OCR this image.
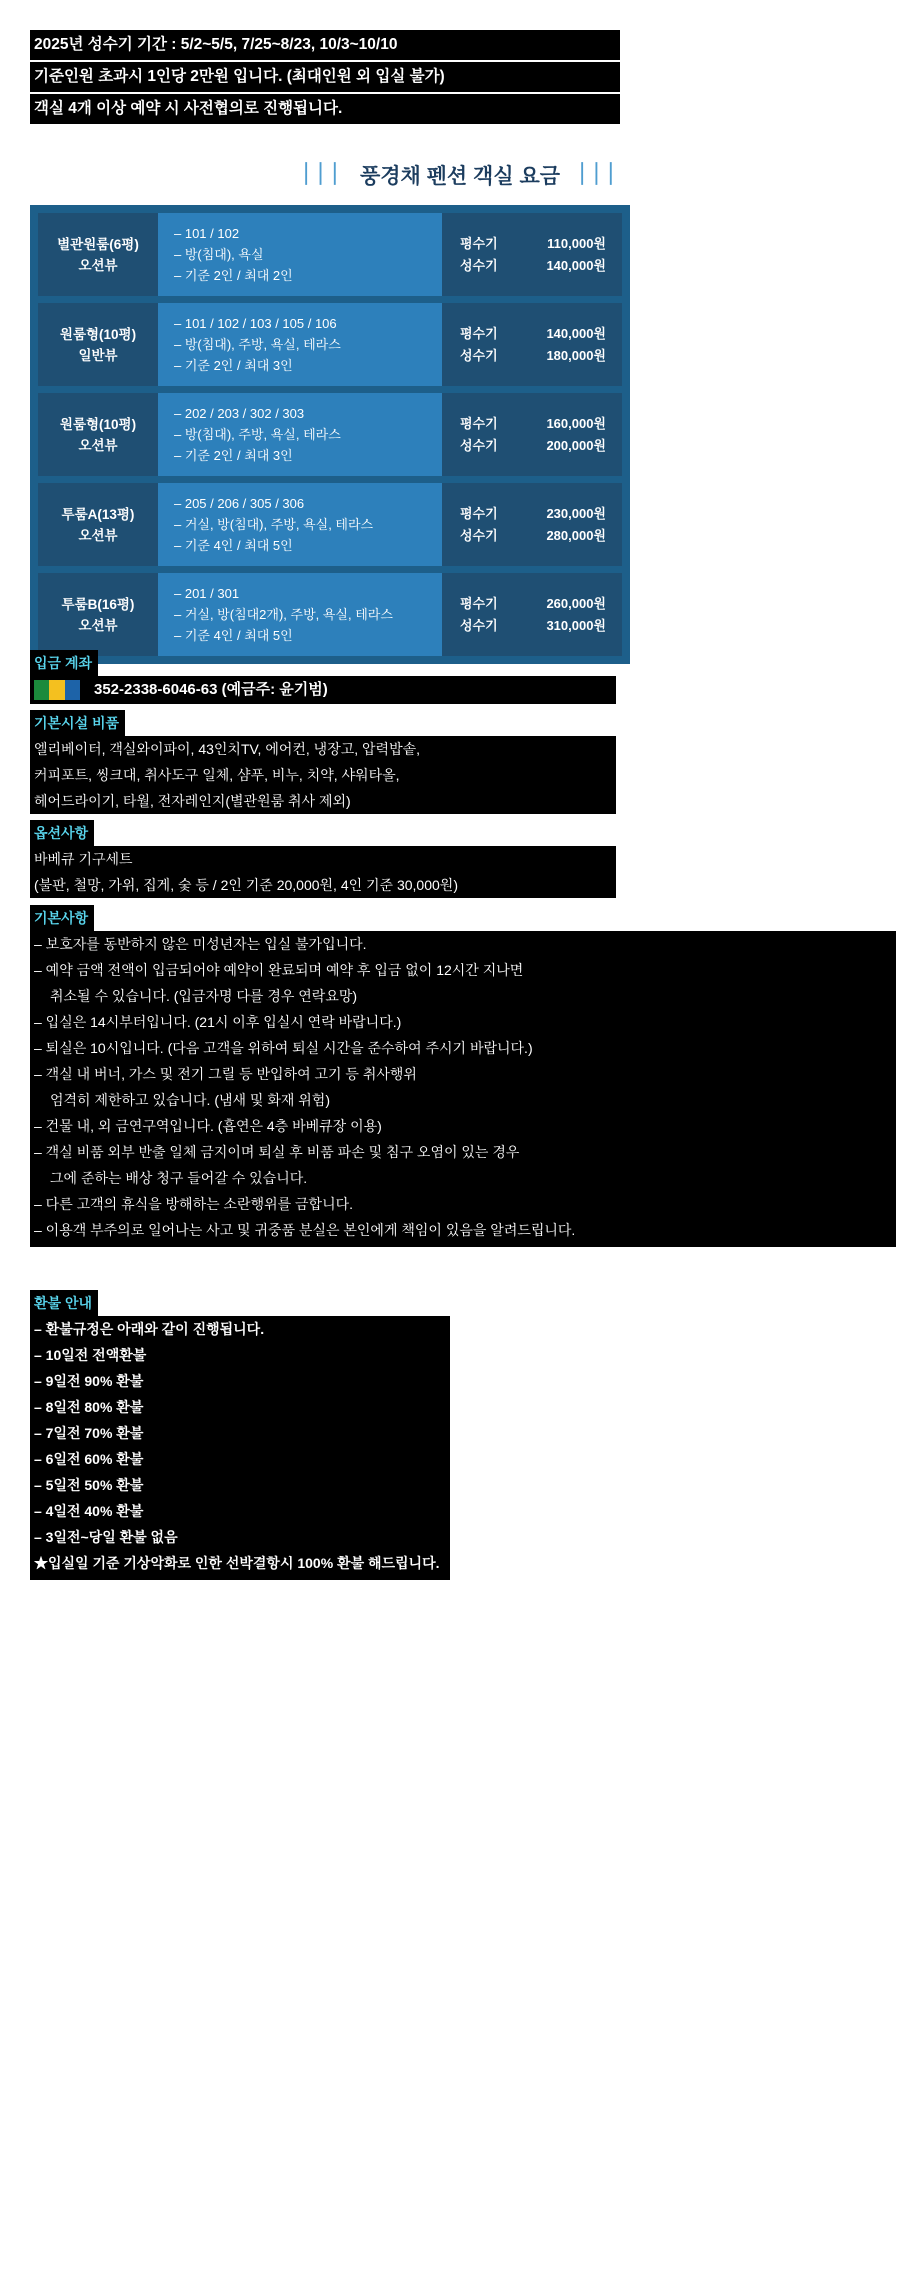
2025년 성수기 기간 : 5/2~5/5, 7/25~8/23, 10/3~10/10
기준인원 초과시 1인당 2만원 입니다. (최대인원 외 입실 불가)
객실 4개 이상 예약 시 사전협의로 진행됩니다.
⏐⏐⏐ 풍경채 펜션 객실 요금 ⏐⏐⏐
별관원룸(6평)
오션뷰
– 101 / 102
– 방(침대), 욕실
– 기준 2인 / 최대 2인
평수기	110,000원
성수기	140,000원
원룸형(10평)
일반뷰
– 101 / 102 / 103 / 105 / 106
– 방(침대), 주방, 욕실, 테라스
– 기준 2인 / 최대 3인
평수기	140,000원
성수기	180,000원
원룸형(10평)
오션뷰
– 202 / 203 / 302 / 303
– 방(침대), 주방, 욕실, 테라스
– 기준 2인 / 최대 3인
평수기	160,000원
성수기	200,000원
투룸A(13평)
오션뷰
– 205 / 206 / 305 / 306
– 거실, 방(침대), 주방, 욕실, 테라스
– 기준 4인 / 최대 5인
평수기	230,000원
성수기	280,000원
투룸B(16평)
오션뷰
– 201 / 301
– 거실, 방(침대2개), 주방, 욕실, 테라스
– 기준 4인 / 최대 5인
평수기	260,000원
성수기	310,000원
입금 계좌
352-2338-6046-63 (예금주: 윤기범)
기본시설 비품
엘리베이터, 객실와이파이, 43인치TV, 에어컨, 냉장고, 압력밥솥,
커피포트, 씽크대, 취사도구 일체, 샴푸, 비누, 치약, 샤워타올,
헤어드라이기, 타월, 전자레인지(별관원룸 취사 제외)
옵션사항
바베큐 기구세트
(불판, 철망, 가위, 집게, 숯 등 / 2인 기준 20,000원, 4인 기준 30,000원)
기본사항
– 보호자를 동반하지 않은 미성년자는 입실 불가입니다.
– 예약 금액 전액이 입금되어야 예약이 완료되며 예약 후 입금 없이 12시간 지나면
취소될 수 있습니다. (입금자명 다를 경우 연락요망)
– 입실은 14시부터입니다. (21시 이후 입실시 연락 바랍니다.)
– 퇴실은 10시입니다. (다음 고객을 위하여 퇴실 시간을 준수하여 주시기 바랍니다.)
– 객실 내 버너, 가스 및 전기 그릴 등 반입하여 고기 등 취사행위
엄격히 제한하고 있습니다. (냄새 및 화재 위험)
– 건물 내, 외 금연구역입니다. (흡연은 4층 바베큐장 이용)
– 객실 비품 외부 반출 일체 금지이며 퇴실 후 비품 파손 및 침구 오염이 있는 경우
그에 준하는 배상 청구 들어갈 수 있습니다.
– 다른 고객의 휴식을 방해하는 소란행위를 금합니다.
– 이용객 부주의로 일어나는 사고 및 귀중품 분실은 본인에게 책임이 있음을 알려드립니다.
환불 안내
– 환불규정은 아래와 같이 진행됩니다.
– 10일전 전액환불
– 9일전 90% 환불
– 8일전 80% 환불
– 7일전 70% 환불
– 6일전 60% 환불
– 5일전 50% 환불
– 4일전 40% 환불
– 3일전~당일 환불 없음
★입실일 기준 기상악화로 인한 선박결항시 100% 환불 해드립니다.
